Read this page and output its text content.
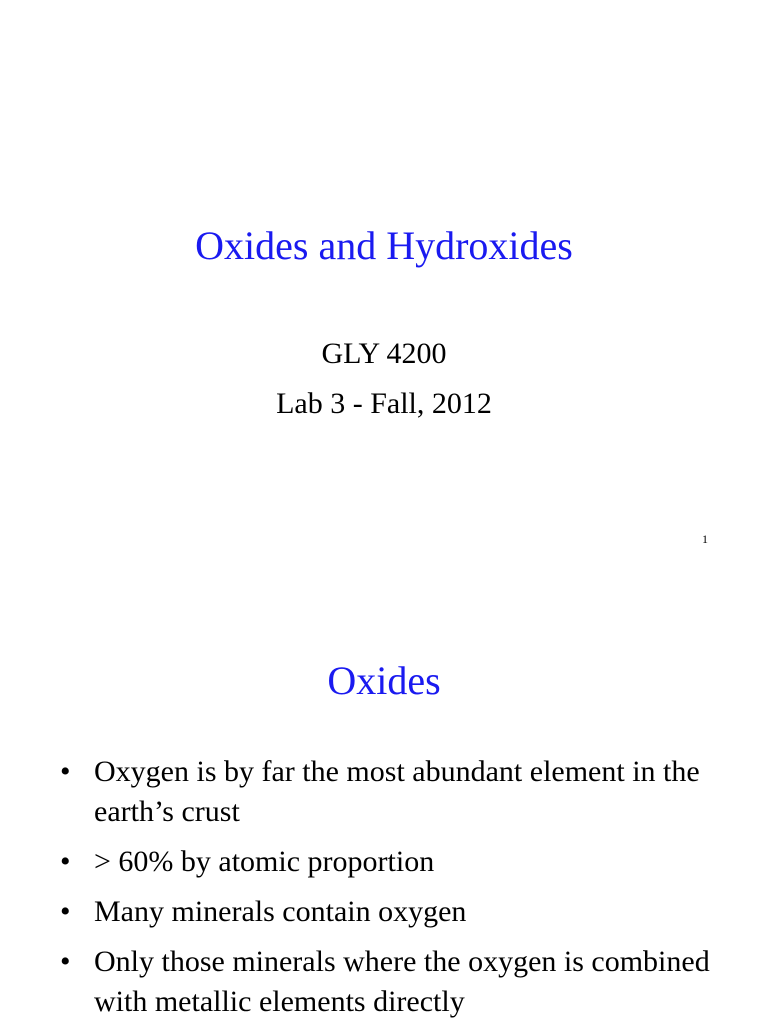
Oxides and Hydroxides
GLY 4200
Lab 3 - Fall, 2012
1
Oxides
• Oxygen is by far the most abundant element in the earth’s crust
• > 60% by atomic proportion
• Many minerals contain oxygen
• Only those minerals where the oxygen is combined with metallic elements directly
